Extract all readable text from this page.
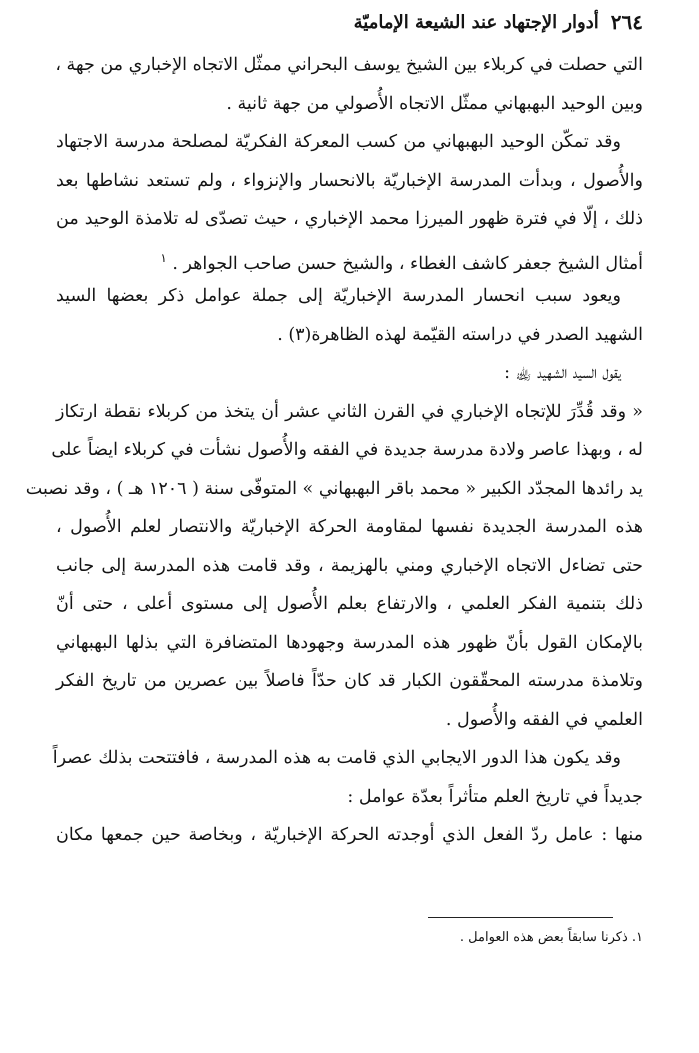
٢٦٤
أدوار الإجتهاد عند الشيعة الإماميّة
التي حصلت في كربلاء بين الشيخ يوسف البحراني ممثّل الاتجاه الإخباري من جهة ،
وبين الوحيد البهبهاني ممثّل الاتجاه الأُصولي من جهة ثانية .
وقد تمكّن الوحيد البهبهاني من كسب المعركة الفكريّة لمصلحة مدرسة الاجتهاد
والأُصول ، وبدأت المدرسة الإخباريّة بالانحسار والإنزواء ، ولم تستعد نشاطها بعد
ذلك ، إلّا في فترة ظهور الميرزا محمد الإخباري ، حيث تصدّى له تلامذة الوحيد من
أمثال الشيخ جعفر كاشف الغطاء ، والشيخ حسن صاحب الجواهر . $^١$
ويعود سبب انحسار المدرسة الإخباريّة إلى جملة عوامل ذكر بعضها السيد
الشهيد الصدر في دراسته القيّمة لهذه الظاهرة(٣) .
يقول السيد الشهيد ﵀ :
« وقد قُدِّرَ للإتجاه الإخباري في القرن الثاني عشر أن يتخذ من كربلاء نقطة ارتكاز
له ، وبهذا عاصر ولادة مدرسة جديدة في الفقه والأُصول نشأت في كربلاء ايضاً على
يد رائدها المجدّد الكبير « محمد باقر البهبهاني » المتوفّى سنة ( ١٢٠٦ هـ ) ، وقد نصبت
هذه المدرسة الجديدة نفسها لمقاومة الحركة الإخباريّة والانتصار لعلم الأُصول ،
حتى تضاءل الاتجاه الإخباري ومني بالهزيمة ، وقد قامت هذه المدرسة إلى جانب
ذلك بتنمية الفكر العلمي ، والارتفاع بعلم الأُصول إلى مستوى أعلى ، حتى أنّ
بالإمكان القول بأنّ ظهور هذه المدرسة وجهودها المتضافرة التي بذلها البهبهاني
وتلامذة مدرسته المحقّقون الكبار قد كان حدّاً فاصلاً بين عصرين من تاريخ الفكر
العلمي في الفقه والأُصول .
وقد يكون هذا الدور الايجابي الذي قامت به هذه المدرسة ، فافتتحت بذلك عصراً
جديداً في تاريخ العلم متأثراً بعدّة عوامل :
منها : عامل ردّ الفعل الذي أوجدته الحركة الإخباريّة ، وبخاصة حين جمعها مكان
١. ذكرنا سابقاً بعض هذه العوامل .
